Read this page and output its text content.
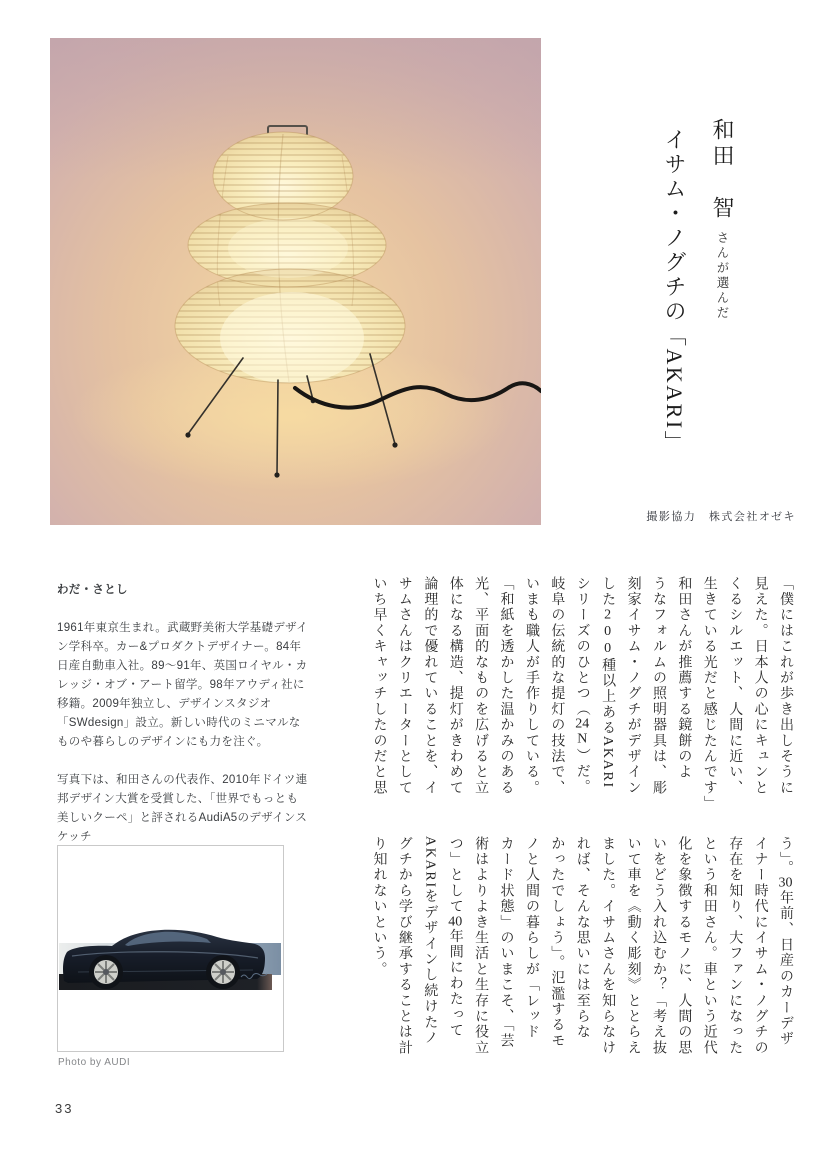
和田　智さんが選んだ
イサム・ノグチの「AKARI」
撮影協力　株式会社オゼキ

わだ・さとし

1961年東京生まれ。武蔵野美術大学基礎デザイン学科卒。カー&プロダクトデザイナー。84年日産自動車入社。89〜91年、英国ロイヤル・カレッジ・オブ・アート留学。98年アウディ社に移籍。2009年独立し、デザインスタジオ「SWdesign」設立。新しい時代のミニマルなものや暮らしのデザインにも力を注ぐ。

写真下は、和田さんの代表作、2010年ドイツ連邦デザイン大賞を受賞した、「世界でもっとも美しいクーペ」と評されるAudiA5のデザインスケッチ

「僕にはこれが歩き出しそうに
見えた。日本人の心にキュンと
くるシルエット、人間に近い、
生きている光だと感じたんです」
和田さんが推薦する鏡餅のよ
うなフォルムの照明器具は、彫
刻家イサム・ノグチがデザイン
した200種以上あるAKARI
シリーズのひとつ（24N）だ。
岐阜の伝統的な提灯の技法で、
いまも職人が手作りしている。
「和紙を透かした温かみのある
光、平面的なものを広げると立
体になる構造、提灯がきわめて
論理的で優れていることを、イ
サムさんはクリエーターとして
いち早くキャッチしたのだと思
う」。30年前、日産のカーデザ
イナー時代にイサム・ノグチの
存在を知り、大ファンになった
という和田さん。車という近代
化を象徴するモノに、人間の思
いをどう入れ込むか？「考え抜
いて車を《動く彫刻》ととらえ
ました。イサムさんを知らなけ
れば、そんな思いには至らな
かったでしょう」。氾濫するモ
ノと人間の暮らしが「レッド
カード状態」のいまこそ、「芸
術はよりよき生活と生存に役立
つ」として40年間にわたって
AKARIをデザインし続けたノ
グチから学び継承することは計
り知れないという。
Photo by AUDI
33
